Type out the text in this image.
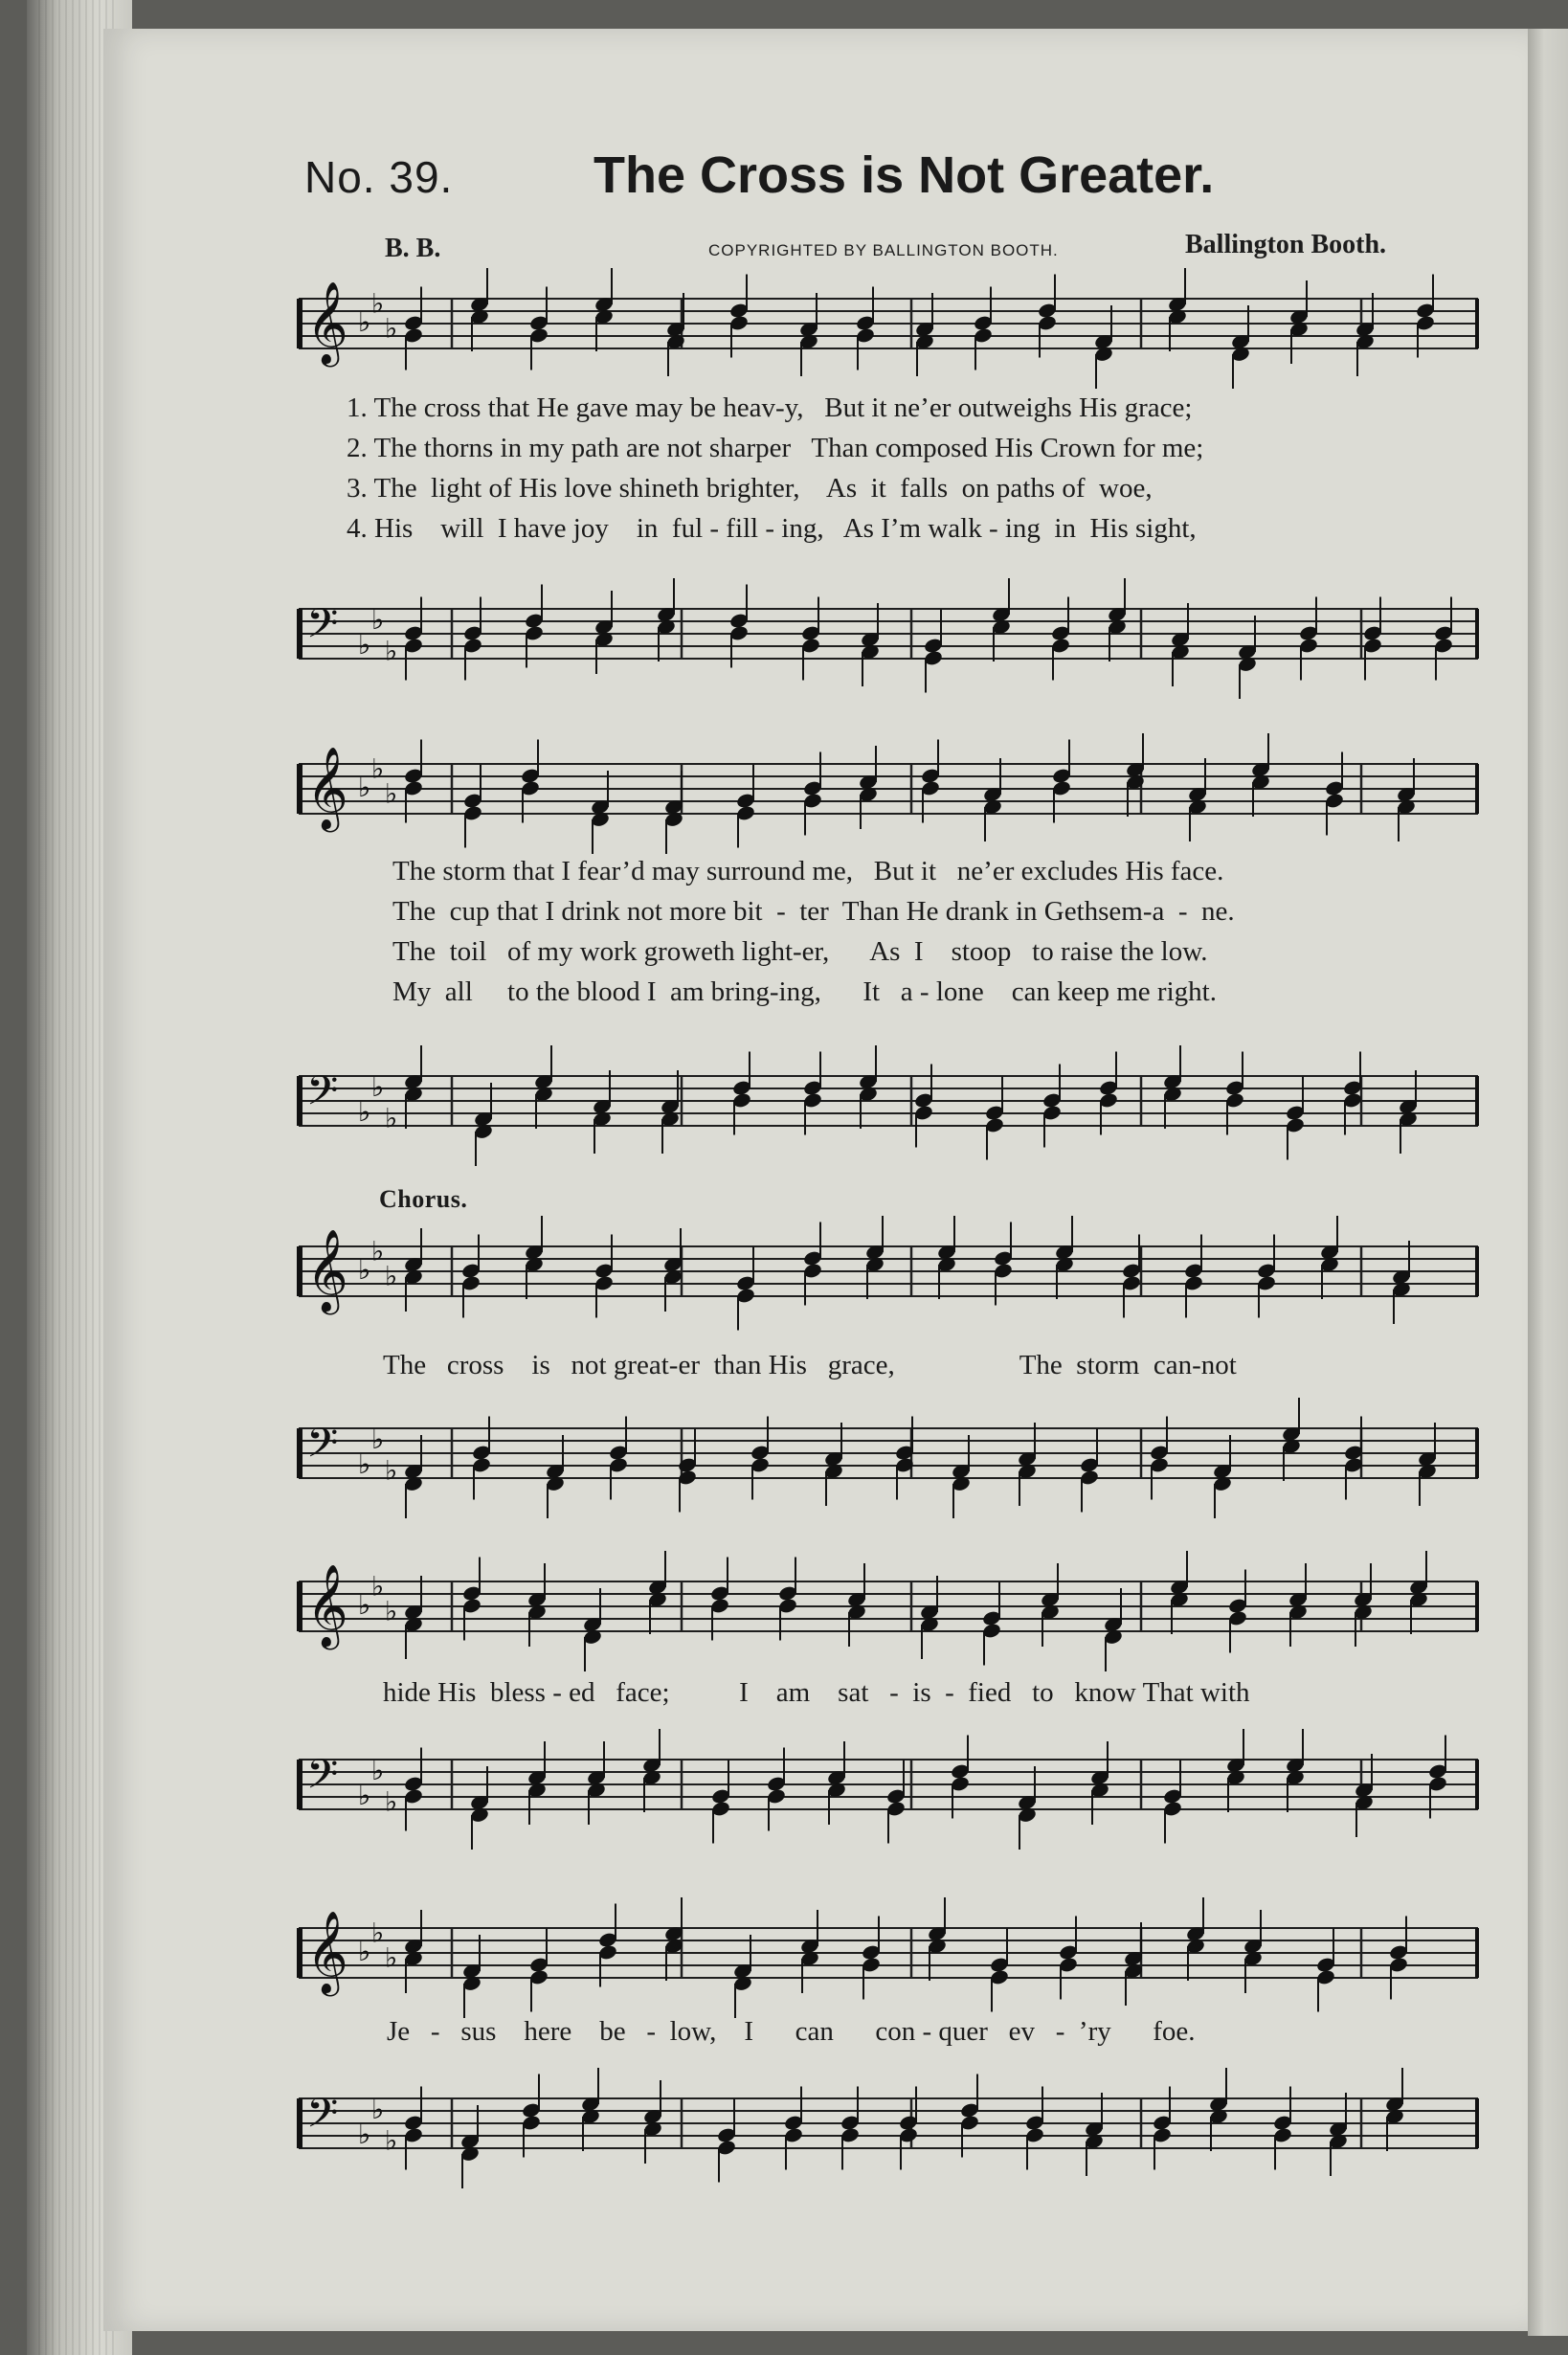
No. 39.	The Cross is Not Greater.
B. B.	COPYRIGHTED BY BALLINGTON BOOTH.	Ballington Booth.
𝄞 ♭
♭
♭
1. The cross that He gave may be heav-y,   But it ne’er outweighs His grace;
2. The thorns in my path are not sharper   Than composed His Crown for me;
3. The  light of His love shineth brighter,    As  it  falls  on paths of  woe,
4. His    will  I have joy    in  ful - fill - ing,   As I’m walk - ing  in  His sight,
𝄢 ♭
♭
♭
𝄞 ♭
♭
♭
The storm that I fear’d may surround me,   But it   ne’er excludes His face.
The  cup that I drink not more bit  -  ter  Than He drank in Gethsem-a  -  ne.
The  toil   of my work groweth light-er,      As  I    stoop   to raise the low.
My  all     to the blood I  am bring-ing,      It   a - lone    can keep me right.
𝄢 ♭
♭
♭
Chorus.
𝄞 ♭
♭
♭
The   cross    is   not great-er  than His   grace,                  The  storm  can-not
𝄢 ♭
♭
♭
𝄞 ♭
♭
♭
hide His  bless - ed   face;          I    am    sat   -  is  -  fied   to   know That with
𝄢 ♭
♭
♭
𝄞 ♭
♭
♭
Je   -   sus    here    be   -  low,    I      can      con - quer   ev   -  ’ry      foe.
𝄢 ♭
♭
♭
